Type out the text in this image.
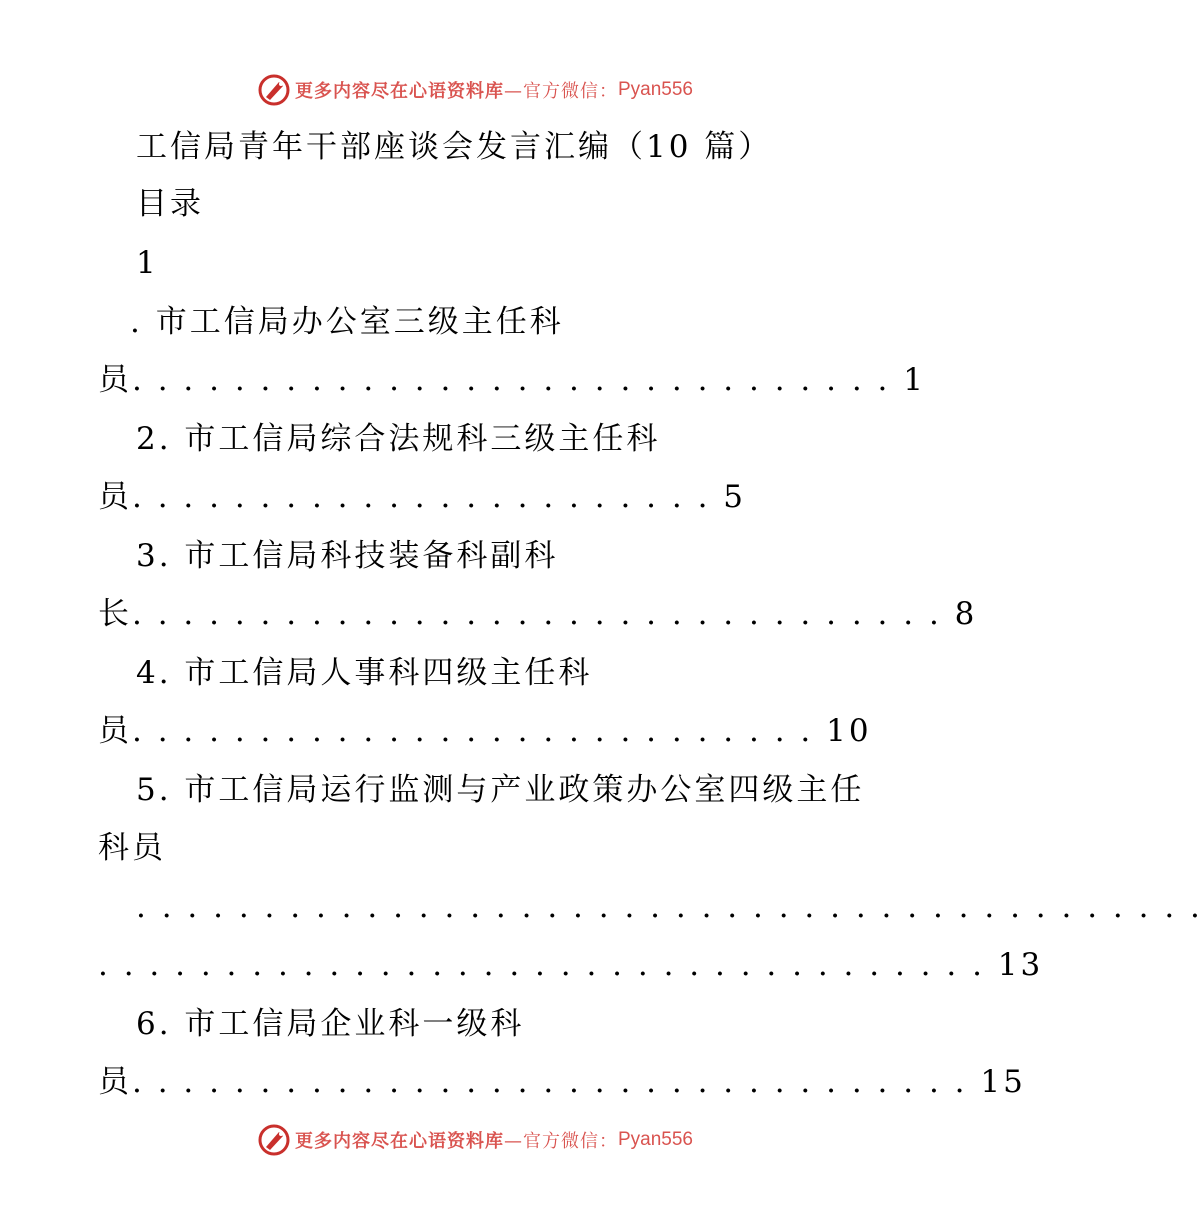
更多内容尽在心语资料库 —官方微信： Pyan556
工信局青年干部座谈会发言汇编（10 篇）
目录
1
. 市工信局办公室三级主任科
员. . . . . . . . . . . . . . . . . . . . . . . . . . . . . . 1
2. 市工信局综合法规科三级主任科
员. . . . . . . . . . . . . . . . . . . . . . . 5
3. 市工信局科技装备科副科
长. . . . . . . . . . . . . . . . . . . . . . . . . . . . . . . . 8
4. 市工信局人事科四级主任科
员. . . . . . . . . . . . . . . . . . . . . . . . . . . 10
5. 市工信局运行监测与产业政策办公室四级主任
科员
. . . . . . . . . . . . . . . . . . . . . . . . . . . . . . . . . . . . . . . . . .
. . . . . . . . . . . . . . . . . . . . . . . . . . . . . . . . . . . 13
6. 市工信局企业科一级科
员. . . . . . . . . . . . . . . . . . . . . . . . . . . . . . . . . 15
更多内容尽在心语资料库 —官方微信： Pyan556
